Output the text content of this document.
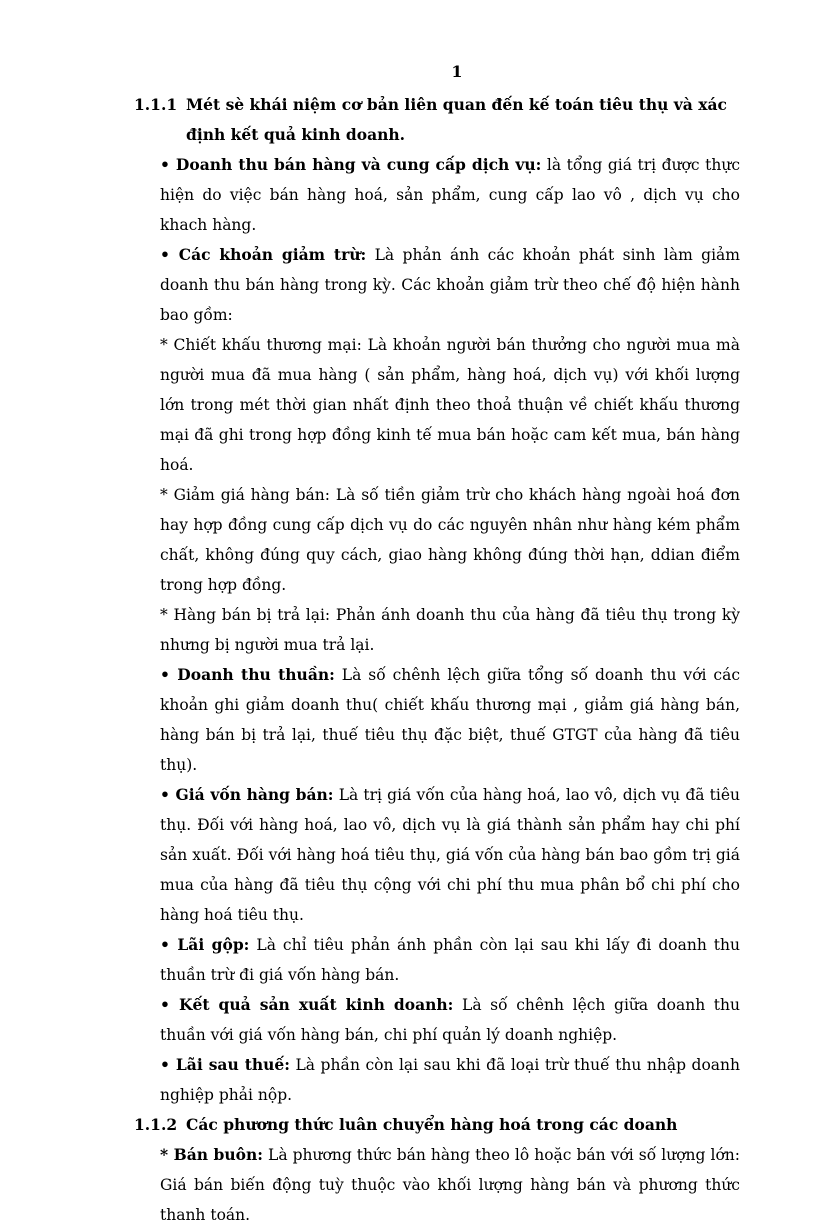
1
1.1.1 Mét sè khái niệm cơ bản liên quan đến kế toán tiêu thụ và xác định kết quả kinh doanh.

• Doanh thu bán hàng và cung cấp dịch vụ: là tổng giá trị được thực hiện do việc bán hàng hoá, sản phẩm, cung cấp lao vô , dịch vụ cho khach hàng.

• Các khoản giảm trừ: Là phản ánh các khoản phát sinh làm giảm doanh thu bán hàng trong kỳ. Các khoản giảm trừ theo chế độ hiện hành bao gồm:

* Chiết khấu thương mại: Là khoản người bán thưởng cho người mua mà người mua đã mua hàng ( sản phẩm, hàng hoá, dịch vụ) với khối lượng lớn trong mét thời gian nhất định theo thoả thuận về chiết khấu thương mại đã ghi trong hợp đồng kinh tế mua bán hoặc cam kết mua, bán hàng hoá.

* Giảm giá hàng bán: Là số tiền giảm trừ cho khách hàng ngoài hoá đơn hay hợp đồng cung cấp dịch vụ do các nguyên nhân như hàng kém phẩm chất, không đúng quy cách, giao hàng không đúng thời hạn, ddian điểm trong hợp đồng.

* Hàng bán bị trả lại: Phản ánh doanh thu của hàng đã tiêu thụ trong kỳ nhưng bị người mua trả lại.

• Doanh thu thuần: Là số chênh lệch giữa tổng số doanh thu với các khoản ghi giảm doanh thu( chiết khấu thương mại , giảm giá hàng bán, hàng bán bị trả lại, thuế tiêu thụ đặc biệt, thuế GTGT của hàng đã tiêu thụ).

• Giá vốn hàng bán: Là trị giá vốn của hàng hoá, lao vô, dịch vụ đã tiêu thụ. Đối với hàng hoá, lao vô, dịch vụ là giá thành sản phẩm hay chi phí sản xuất. Đối với hàng hoá tiêu thụ, giá vốn của hàng bán bao gồm trị giá mua của hàng đã tiêu thụ cộng với chi phí thu mua phân bổ chi phí cho hàng hoá tiêu thụ.

• Lãi gộp: Là chỉ tiêu phản ánh phần còn lại sau khi lấy đi doanh thu thuần trừ đi giá vốn hàng bán.

• Kết quả sản xuất kinh doanh: Là số chênh lệch giữa doanh thu thuần với giá vốn hàng bán, chi phí quản lý doanh nghiệp.

• Lãi sau thuế: Là phần còn lại sau khi đã loại trừ thuế thu nhập doanh nghiệp phải nộp.

1.1.2 Các phương thức luân chuyển hàng hoá trong các doanh

* Bán buôn: Là phương thức bán hàng theo lô hoặc bán với số lượng lớn: Giá bán biến động tuỳ thuộc vào khối lượng hàng bán và phương thức thanh toán.
